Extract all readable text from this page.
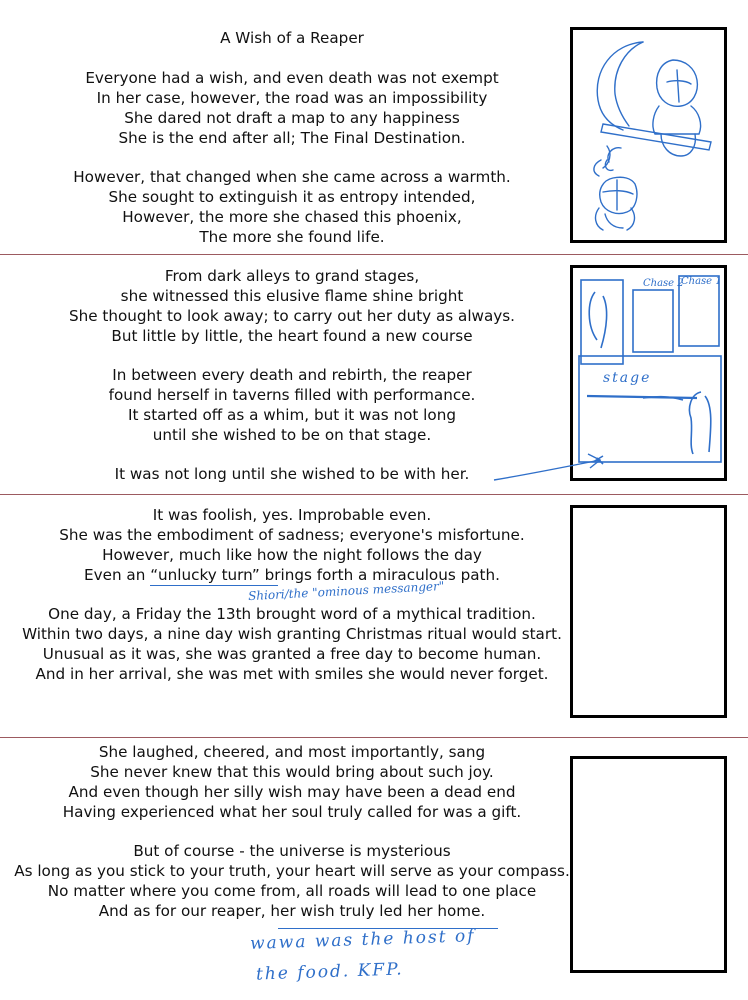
A Wish of a Reaper

Everyone had a wish, and even death was not exempt

In her case, however, the road was an impossibility

She dared not draft a map to any happiness

She is the end after all; The Final Destination.

However, that changed when she came across a warmth.

She sought to extinguish it as entropy intended,

However, the more she chased this phoenix,

The more she found life.

From dark alleys to grand stages,

she witnessed this elusive flame shine bright

She thought to look away; to carry out her duty as always.

But little by little, the heart found a new course

In between every death and rebirth, the reaper

found herself in taverns filled with performance.

It started off as a whim, but it was not long

until she wished to be on that stage.

It was not long until she wished to be with her.

It was foolish, yes. Improbable even.

She was the embodiment of sadness; everyone's misfortune.

However, much like how the night follows the day

Even an “unlucky turn” brings forth a miraculous path.

One day, a Friday the 13th brought word of a mythical tradition.

Within two days, a nine day wish granting Christmas ritual would start.

Unusual as it was, she was granted a free day to become human.

And in her arrival, she was met with smiles she would never forget.

Shiori/the "ominous messanger"

She laughed, cheered, and most importantly, sang

She never knew that this would bring about such joy.

And even though her silly wish may have been a dead end

Having experienced what her soul truly called for was a gift.

But of course - the universe is mysterious

As long as you stick to your truth, your heart will serve as your compass.

No matter where you come from, all roads will lead to one place

And as for our reaper, her wish truly led her home.

wawa was the host of
the food. KFP.
Chase 2
Chase 1
stage
